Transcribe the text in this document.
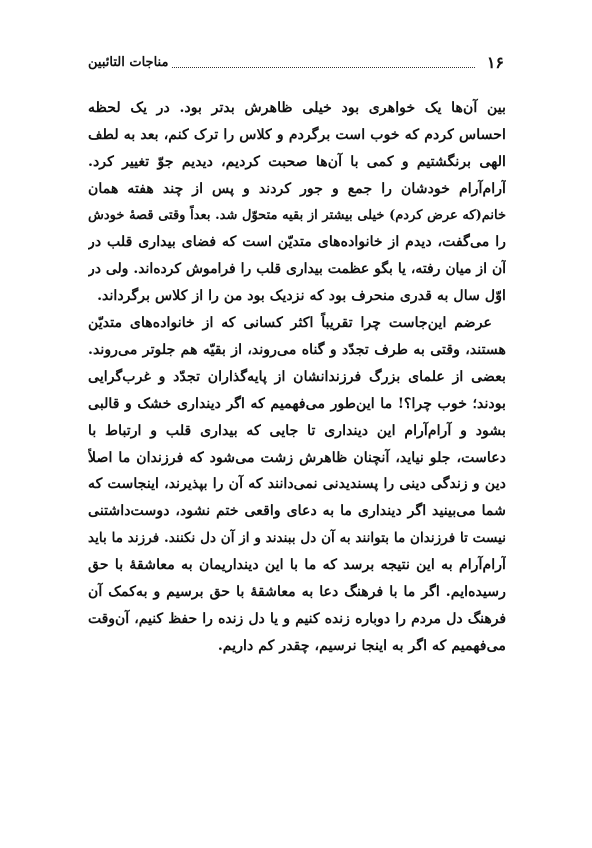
۱۶
مناجات التائبین
بین آن‌ها یک خواهری بود خیلی ظاهرش بدتر بود. در یک لحظه
احساس کردم که خوب است برگردم و کلاس را ترک کنم، بعد به لطف
الهی برنگشتیم و کمی با آن‌ها صحبت کردیم، دیدیم جوّ تغییر کرد.
آرام‌آرام خودشان را جمع و جور کردند و پس از چند هفته همان
خانم(که عرض کردم) خیلی بیشتر از بقیه متحوّل شد. بعداً وقتی قصهٔ خودش
را می‌گفت، دیدم از خانواده‌های متدیّن است که فضای بیداری قلب در
آن از میان رفته، یا بگو عظمت بیداری قلب را فراموش کرده‌اند. ولی در
اوّل سال به قدری منحرف بود که نزدیک بود من را از کلاس برگرداند.
عرضم این‌جاست چرا تقریباً اکثر کسانی که از خانواده‌های متدیّن
هستند، وقتی به طرف تجدّد و گناه می‌روند، از بقیّه هم جلوتر می‌روند.
بعضی از علمای بزرگ فرزندانشان از پایه‌گذاران تجدّد و غرب‌گرایی
بودند؛ خوب چرا؟! ما این‌طور می‌فهمیم که اگر دینداری خشک و قالبی
بشود و آرام‌آرام این دینداری تا جایی که بیداری قلب و ارتباط با
دعاست، جلو نیاید، آنچنان ظاهرش زشت می‌شود که فرزندان ما اصلاً
دین و زندگی دینی را پسندیدنی نمی‌دانند که آن را بپذیرند، اینجاست که
شما می‌بینید اگر دینداری ما به دعای واقعی ختم نشود، دوست‌داشتنی
نیست تا فرزندان ما بتوانند به آن دل ببندند و از آن دل نکنند. فرزند ما باید
آرام‌آرام به این نتیجه برسد که ما با این دینداریمان به معاشقهٔ با حق
رسیده‌ایم. اگر ما با فرهنگ دعا به معاشقهٔ با حق برسیم و به‌کمک آن
فرهنگ دل مردم را دوباره زنده کنیم و یا دل زنده را حفظ کنیم، آن‌وقت
می‌فهمیم که اگر به اینجا نرسیم، چقدر کم داریم.
